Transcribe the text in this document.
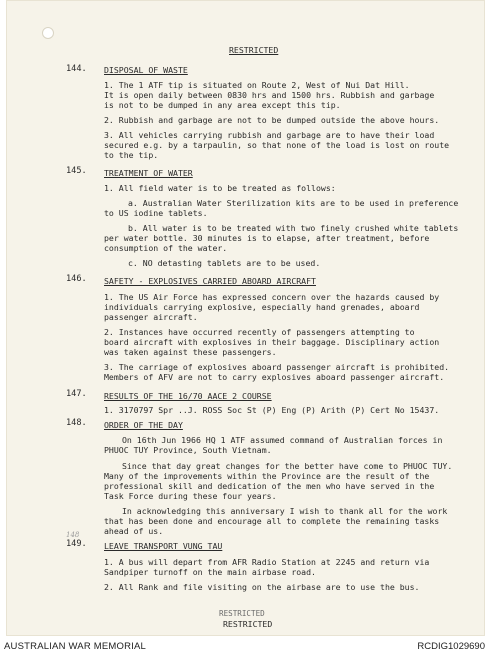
RESTRICTED
144. DISPOSAL OF WASTE
1. The 1 ATF tip is situated on Route 2, West of Nui Dat Hill.
It is open daily between 0830 hrs and 1500 hrs. Rubbish and garbage
is not to be dumped in any area except this tip.
2. Rubbish and garbage are not to be dumped outside the above hours.
3. All vehicles carrying rubbish and garbage are to have their load
secured e.g. by a tarpaulin, so that none of the load is lost on route
to the tip.
145. TREATMENT OF WATER
1. All field water is to be treated as follows:
a. Australian Water Sterilization kits are to be used in preference
to US iodine tablets.
b. All water is to be treated with two finely crushed white tablets
per water bottle. 30 minutes is to elapse, after treatment, before
consumption of the water.
c. NO detasting tablets are to be used.
146. SAFETY - EXPLOSIVES CARRIED ABOARD AIRCRAFT
1. The US Air Force has expressed concern over the hazards caused by
individuals carrying explosive, especially hand grenades, aboard
passenger aircraft.
2. Instances have occurred recently of passengers attempting to
board aircraft with explosives in their baggage. Disciplinary action
was taken against these passengers.
3. The carriage of explosives aboard passenger aircraft is prohibited.
Members of AFV are not to carry explosives aboard passenger aircraft.
147. RESULTS OF THE 16/70 AACE 2 COURSE
1. 3170797 Spr ..J. ROSS Soc St (P) Eng (P) Arith (P) Cert No 15437.
148. ORDER OF THE DAY
On 16th Jun 1966 HQ 1 ATF assumed command of Australian forces in
PHUOC TUY Province, South Vietnam.
Since that day great changes for the better have come to PHUOC TUY.
Many of the improvements within the Province are the result of the
professional skill and dedication of the men who have served in the
Task Force during these four years.
In acknowledging this anniversary I wish to thank all for the work
that has been done and encourage all to complete the remaining tasks
ahead of us.
148
149. LEAVE TRANSPORT VUNG TAU
1. A bus will depart from AFR Radio Station at 2245 and return via
Sandpiper turnoff on the main airbase road.
2. All Rank and file visiting on the airbase are to use the bus.
RESTRICTED
RESTRICTED
AUSTRALIAN WAR MEMORIAL	RCDIG1029690
